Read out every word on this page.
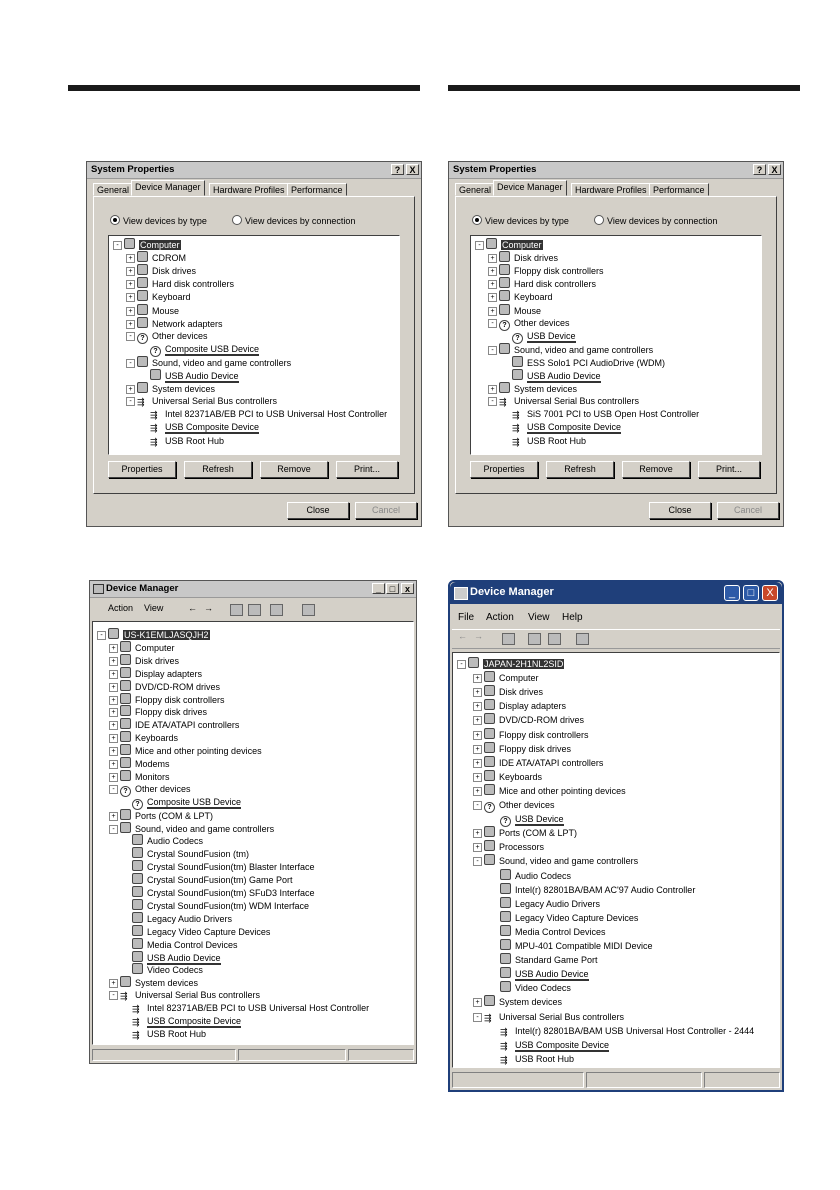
System Properties	?	X
General Device Manager	Hardware Profiles Performance
View devices by type	View devices by connection
- Computer
+ CDROM
+ Disk drives
+ Hard disk controllers
+ Keyboard
+ Mouse
+ Network adapters
- ? Other devices
?Composite USB Device
- Sound, video and game controllers
USB Audio Device
+ System devices
- ⇶ Universal Serial Bus controllers
⇶Intel 82371AB/EB PCI to USB Universal Host Controller
⇶USB Composite Device
⇶USB Root Hub
Properties	Refresh	Remove	Print...
Close	Cancel
System Properties	?	X
General Device Manager	Hardware Profiles Performance
View devices by type	View devices by connection
- Computer
+ Disk drives
+ Floppy disk controllers
+ Hard disk controllers
+ Keyboard
+ Mouse
- ? Other devices
?USB Device
- Sound, video and game controllers
ESS Solo1 PCI AudioDrive (WDM)
USB Audio Device
+ System devices
- ⇶ Universal Serial Bus controllers
⇶SiS 7001 PCI to USB Open Host Controller
⇶USB Composite Device
⇶USB Root Hub
Properties	Refresh	Remove	Print...
Close	Cancel
Device Manager	_ □	x
Action View	← →
- US-K1EMLJASQJH2
+ Computer
+ Disk drives
+ Display adapters
+ DVD/CD-ROM drives
+ Floppy disk controllers
+ Floppy disk drives
+ IDE ATA/ATAPI controllers
+ Keyboards
+ Mice and other pointing devices
+ Modems
+ Monitors
- ? Other devices
?Composite USB Device
+ Ports (COM & LPT)
- Sound, video and game controllers
Audio Codecs
Crystal SoundFusion (tm)
Crystal SoundFusion(tm) Blaster Interface
Crystal SoundFusion(tm) Game Port
Crystal SoundFusion(tm) SFuD3 Interface
Crystal SoundFusion(tm) WDM Interface
Legacy Audio Drivers
Legacy Video Capture Devices
Media Control Devices
USB Audio Device
Video Codecs
+ System devices
- ⇶ Universal Serial Bus controllers
⇶Intel 82371AB/EB PCI to USB Universal Host Controller
⇶USB Composite Device
⇶USB Root Hub
Device Manager	_	□	X
File Action View Help
← →
- JAPAN-2H1NL2SID
+ Computer
+ Disk drives
+ Display adapters
+ DVD/CD-ROM drives
+ Floppy disk controllers
+ Floppy disk drives
+ IDE ATA/ATAPI controllers
+ Keyboards
+ Mice and other pointing devices
- ? Other devices
?USB Device
+ Ports (COM & LPT)
+ Processors
- Sound, video and game controllers
Audio Codecs
Intel(r) 82801BA/BAM AC'97 Audio Controller
Legacy Audio Drivers
Legacy Video Capture Devices
Media Control Devices
MPU-401 Compatible MIDI Device
Standard Game Port
USB Audio Device
Video Codecs
+ System devices
- ⇶ Universal Serial Bus controllers
⇶Intel(r) 82801BA/BAM USB Universal Host Controller - 2444
⇶USB Composite Device
⇶USB Root Hub
